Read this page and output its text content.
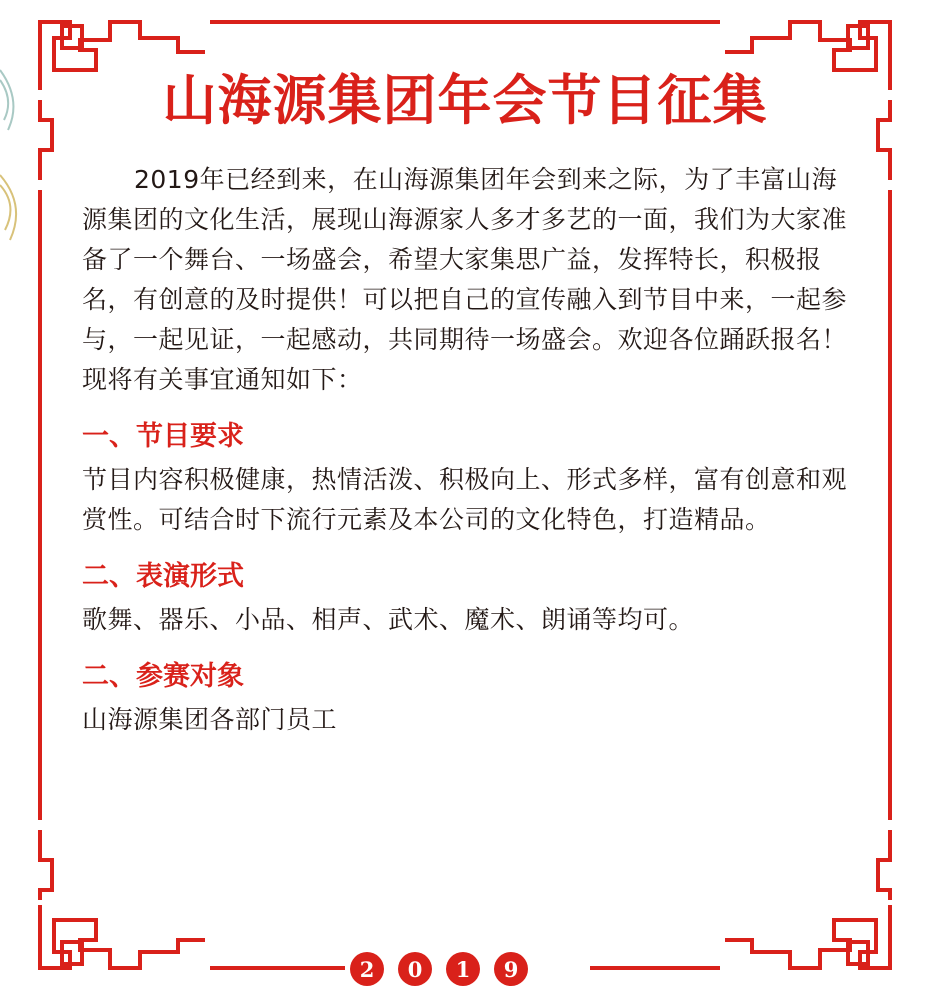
山海源集团年会节目征集

2019年已经到来，在山海源集团年会到来之际，为了丰富山海源集团的文化生活，展现山海源家人多才多艺的一面，我们为大家准备了一个舞台、一场盛会，希望大家集思广益，发挥特长，积极报名，有创意的及时提供！可以把自己的宣传融入到节目中来，一起参与，一起见证，一起感动，共同期待一场盛会。欢迎各位踊跃报名！现将有关事宜通知如下：

一、节目要求

节目内容积极健康，热情活泼、积极向上、形式多样，富有创意和观赏性。可结合时下流行元素及本公司的文化特色，打造精品。

二、表演形式

歌舞、器乐、小品、相声、武术、魔术、朗诵等均可。

二、参赛对象

山海源集团各部门员工

2	0	1	9
